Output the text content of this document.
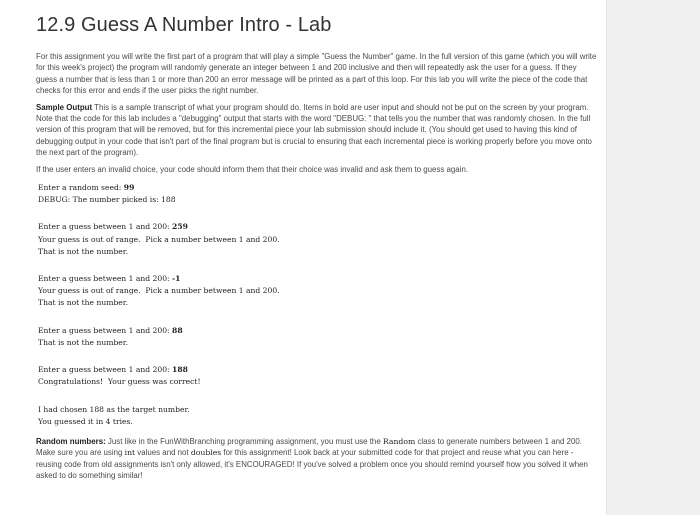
12.9 Guess A Number Intro - Lab

For this assignment you will write the first part of a program that will play a simple "Guess the Number" game. In the full version of this game (which you will write for this week's project) the program will randomly generate an integer between 1 and 200 inclusive and then will repeatedly ask the user for a guess. If they guess a number that is less than 1 or more than 200 an error message will be printed as a part of this loop. For this lab you will write the piece of the code that checks for this error and ends if the user picks the right number.

Sample Output This is a sample transcript of what your program should do. Items in bold are user input and should not be put on the screen by your program. Note that the code for this lab includes a "debugging" output that starts with the word "DEBUG: " that tells you the number that was randomly chosen. In the full version of this program that will be removed, but for this incremental piece your lab submission should include it. (You should get used to having this kind of debugging output in your code that isn't part of the final program but is crucial to ensuring that each incremental piece is working properly before you move onto the next part of the program).

If the user enters an invalid choice, your code should inform them that their choice was invalid and ask them to guess again.

Enter a random seed: 99
DEBUG: The number picked is: 188
Enter a guess between 1 and 200: 259
Your guess is out of range.  Pick a number between 1 and 200.
That is not the number.
Enter a guess between 1 and 200: -1
Your guess is out of range.  Pick a number between 1 and 200.
That is not the number.
Enter a guess between 1 and 200: 88
That is not the number.
Enter a guess between 1 and 200: 188
Congratulations!  Your guess was correct!
I had chosen 188 as the target number.
You guessed it in 4 tries.

Random numbers: Just like in the FunWithBranching programming assignment, you must use the Random class to generate numbers between 1 and 200. Make sure you are using int values and not doubles for this assignment! Look back at your submitted code for that project and reuse what you can here - reusing code from old assignments isn't only allowed, it's ENCOURAGED! If you've solved a problem once you should remind yourself how you solved it when asked to do something similar!
